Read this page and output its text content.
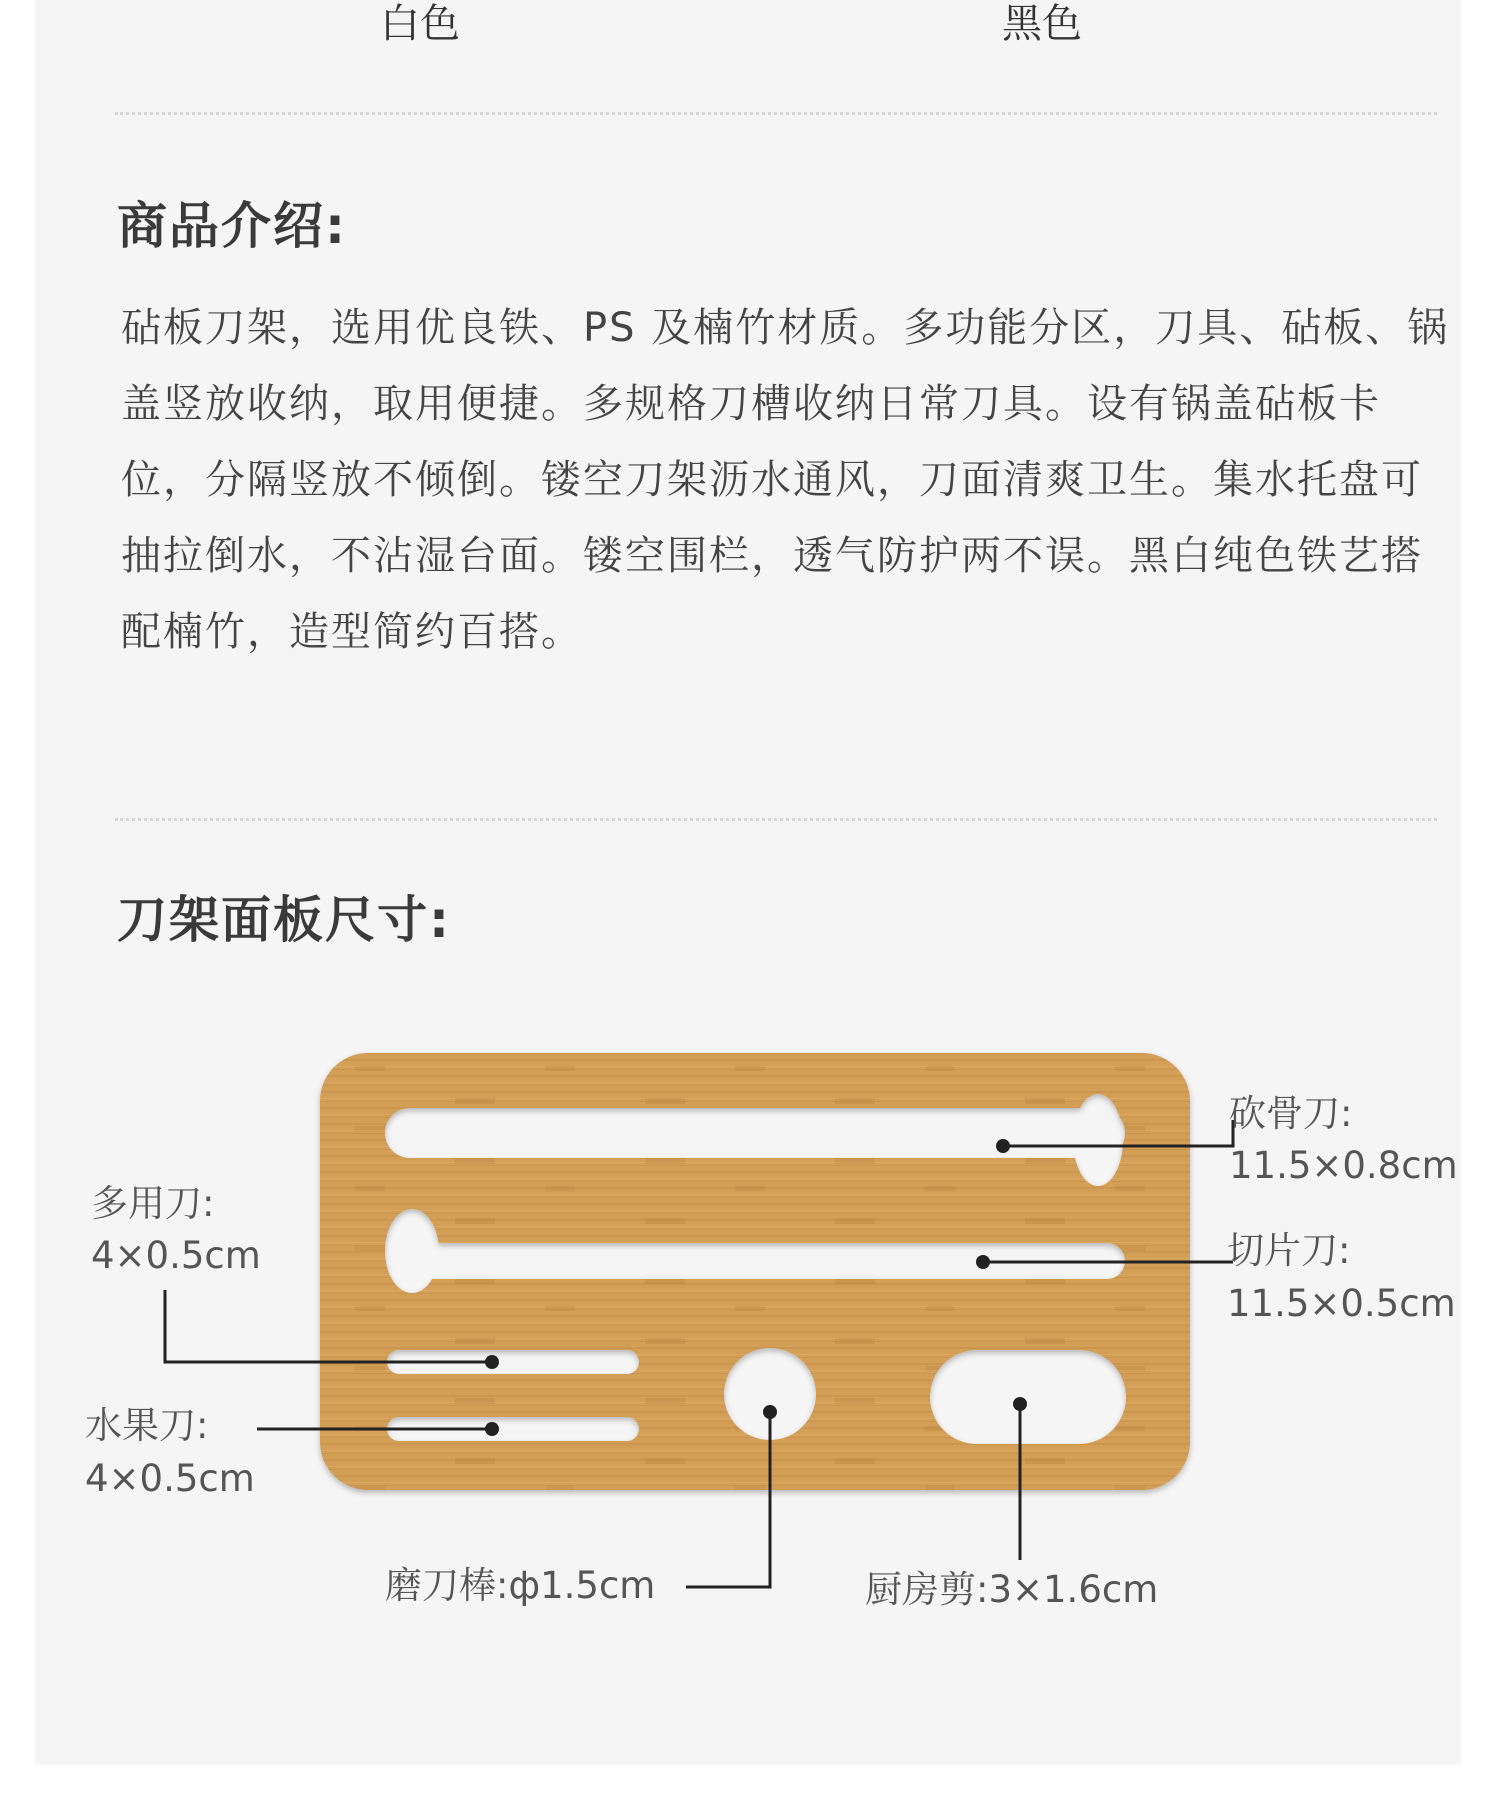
白色	黑色
商品介绍:
砧板刀架，选用优良铁、PS 及楠竹材质。多功能分区，刀具、砧板、锅盖竖放收纳，取用便捷。多规格刀槽收纳日常刀具。设有锅盖砧板卡位，分隔竖放不倾倒。镂空刀架沥水通风，刀面清爽卫生。集水托盘可抽拉倒水，不沾湿台面。镂空围栏，透气防护两不误。黑白纯色铁艺搭配楠竹，造型简约百搭。
刀架面板尺寸:
砍骨刀:
11.5×0.8cm
切片刀:
11.5×0.5cm
多用刀:
4×0.5cm
水果刀:
4×0.5cm
磨刀棒:ф1.5cm	厨房剪:3×1.6cm
